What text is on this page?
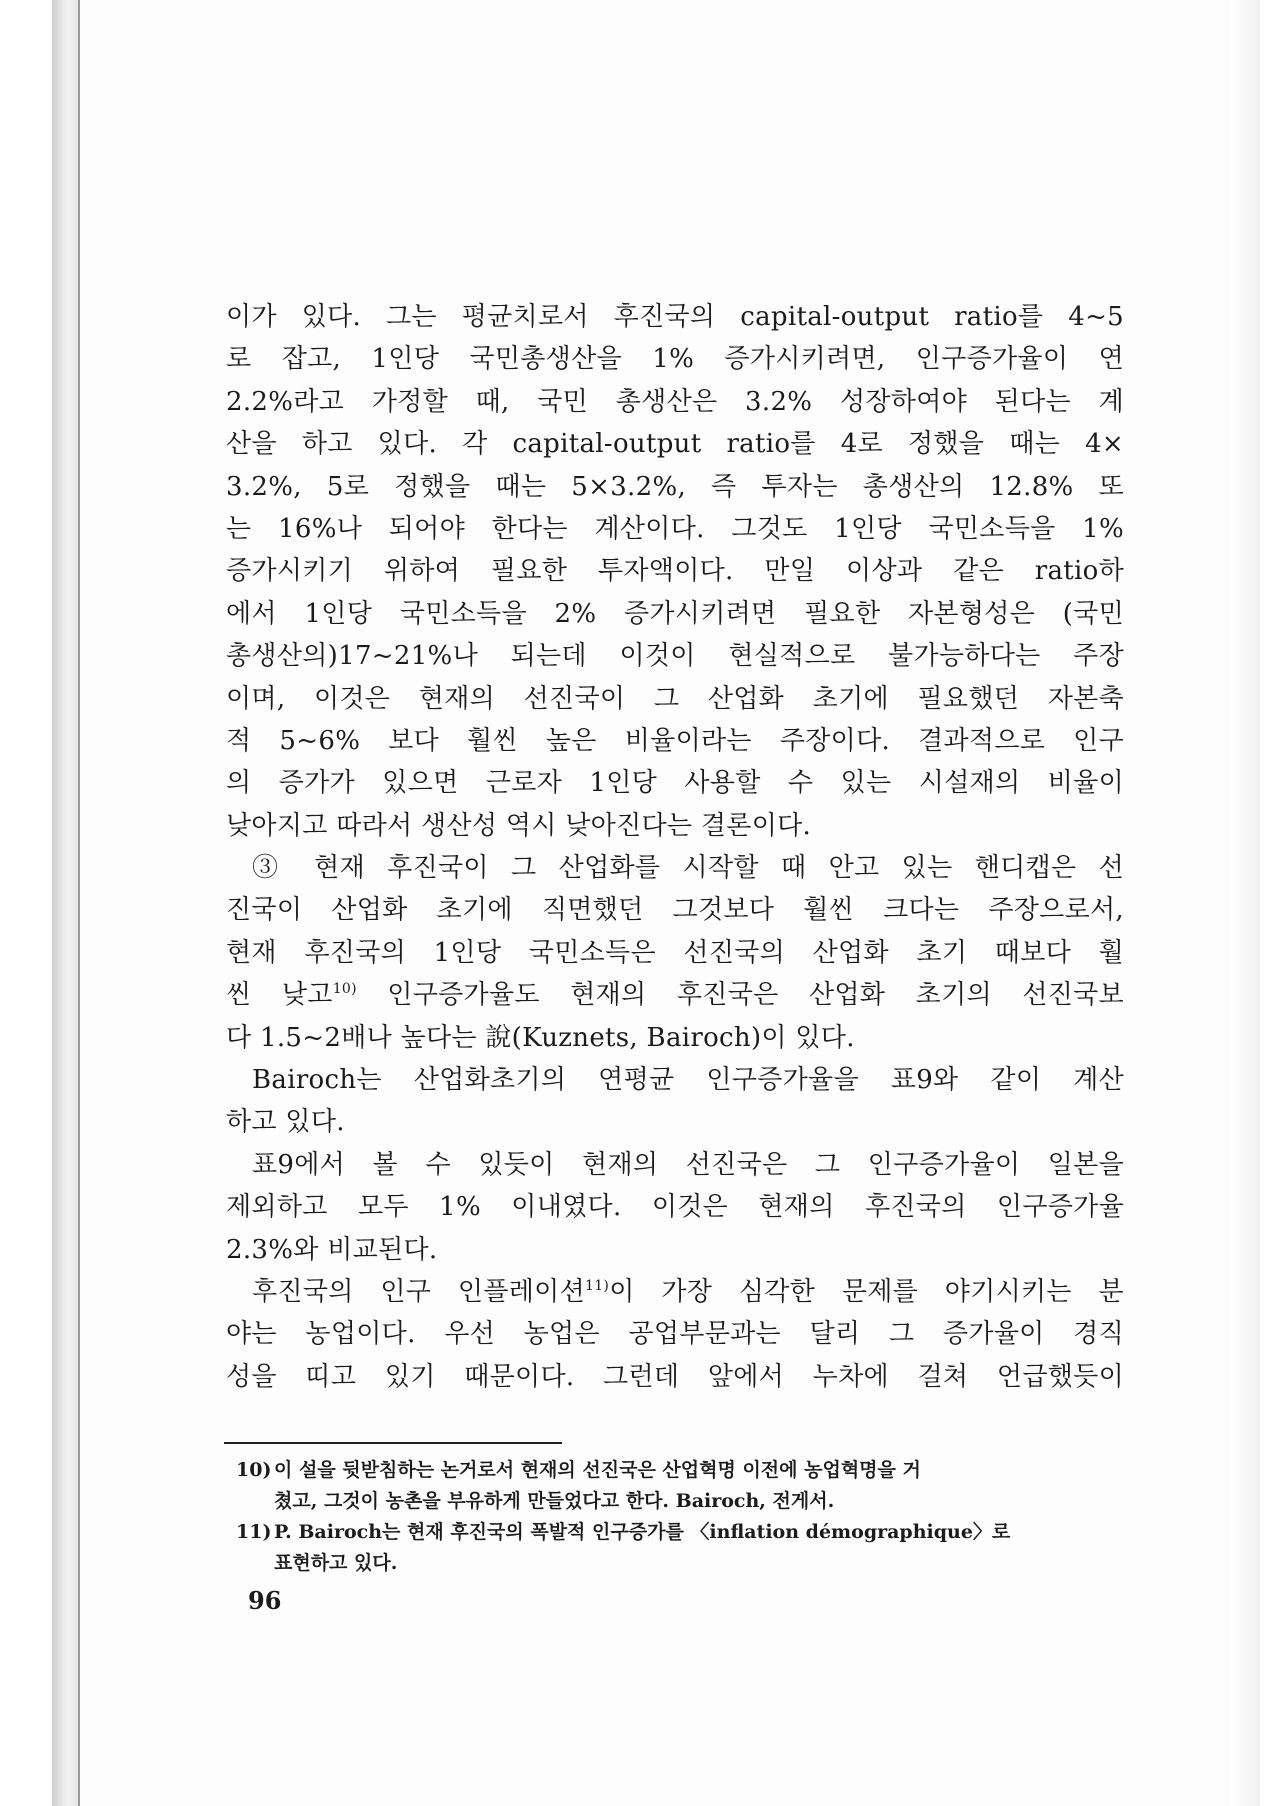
이가 있다. 그는 평균치로서 후진국의 capital-output ratio를 4~5
로 잡고, 1인당 국민총생산을 1% 증가시키려면, 인구증가율이 연
2.2%라고 가정할 때, 국민 총생산은 3.2% 성장하여야 된다는 계
산을 하고 있다. 각 capital-output ratio를 4로 정했을 때는 4×
3.2%, 5로 정했을 때는 5×3.2%, 즉 투자는 총생산의 12.8% 또
는 16%나 되어야 한다는 계산이다. 그것도 1인당 국민소득을 1%
증가시키기 위하여 필요한 투자액이다. 만일 이상과 같은 ratio하
에서 1인당 국민소득을 2% 증가시키려면 필요한 자본형성은 (국민
총생산의)17~21%나 되는데 이것이 현실적으로 불가능하다는 주장
이며, 이것은 현재의 선진국이 그 산업화 초기에 필요했던 자본축
적 5~6% 보다 훨씬 높은 비율이라는 주장이다. 결과적으로 인구
의 증가가 있으면 근로자 1인당 사용할 수 있는 시설재의 비율이
낮아지고 따라서 생산성 역시 낮아진다는 결론이다.
③ 현재 후진국이 그 산업화를 시작할 때 안고 있는 핸디캡은 선
진국이 산업화 초기에 직면했던 그것보다 훨씬 크다는 주장으로서,
현재 후진국의 1인당 국민소득은 선진국의 산업화 초기 때보다 훨
씬 낮고$^{10)}$ 인구증가율도 현재의 후진국은 산업화 초기의 선진국보
다 1.5~2배나 높다는 說(Kuznets, Bairoch)이 있다.
Bairoch는 산업화초기의 연평균 인구증가율을 표9와 같이 계산
하고 있다.
표9에서 볼 수 있듯이 현재의 선진국은 그 인구증가율이 일본을
제외하고 모두 1% 이내였다. 이것은 현재의 후진국의 인구증가율
2.3%와 비교된다.
후진국의 인구 인플레이션$^{11)}$이 가장 심각한 문제를 야기시키는 분
야는 농업이다. 우선 농업은 공업부문과는 달리 그 증가율이 경직
성을 띠고 있기 때문이다. 그런데 앞에서 누차에 걸쳐 언급했듯이
10) 이 설을 뒷받침하는 논거로서 현재의 선진국은 산업혁명 이전에 농업혁명을 거
쳤고, 그것이 농촌을 부유하게 만들었다고 한다. Bairoch, 전게서.
11) P. Bairoch는 현재 후진국의 폭발적 인구증가를 〈inflation démographique〉로
표현하고 있다.
96
